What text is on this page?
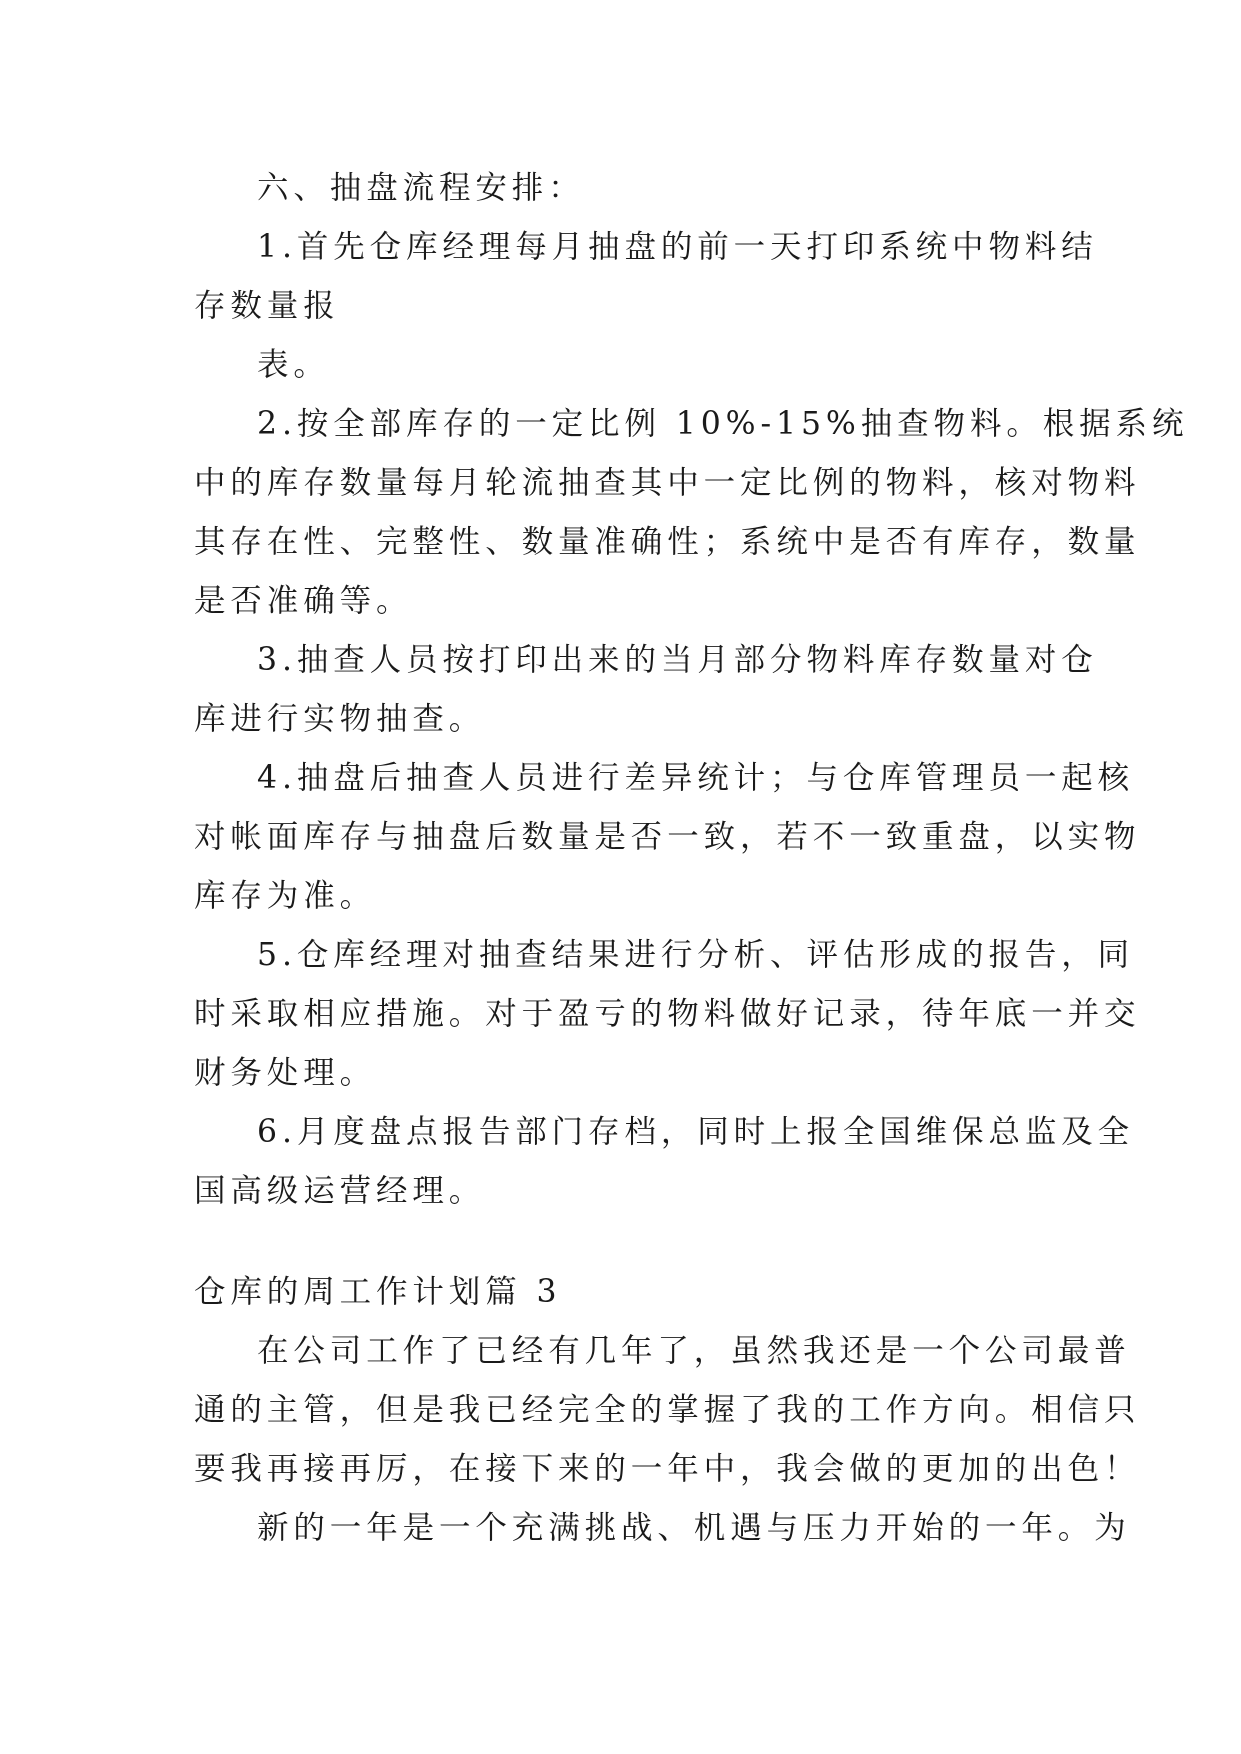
六、抽盘流程安排：
1.首先仓库经理每月抽盘的前一天打印系统中物料结
存数量报
表。
2.按全部库存的一定比例 10%-15%抽查物料。根据系统
中的库存数量每月轮流抽查其中一定比例的物料，核对物料
其存在性、完整性、数量准确性；系统中是否有库存，数量
是否准确等。
3.抽查人员按打印出来的当月部分物料库存数量对仓
库进行实物抽查。
4.抽盘后抽查人员进行差异统计；与仓库管理员一起核
对帐面库存与抽盘后数量是否一致，若不一致重盘，以实物
库存为准。
5.仓库经理对抽查结果进行分析、评估形成的报告，同
时采取相应措施。对于盈亏的物料做好记录，待年底一并交
财务处理。
6.月度盘点报告部门存档，同时上报全国维保总监及全
国高级运营经理。
仓库的周工作计划篇 3
在公司工作了已经有几年了，虽然我还是一个公司最普
通的主管，但是我已经完全的掌握了我的工作方向。相信只
要我再接再厉，在接下来的一年中，我会做的更加的出色！
新的一年是一个充满挑战、机遇与压力开始的一年。为
